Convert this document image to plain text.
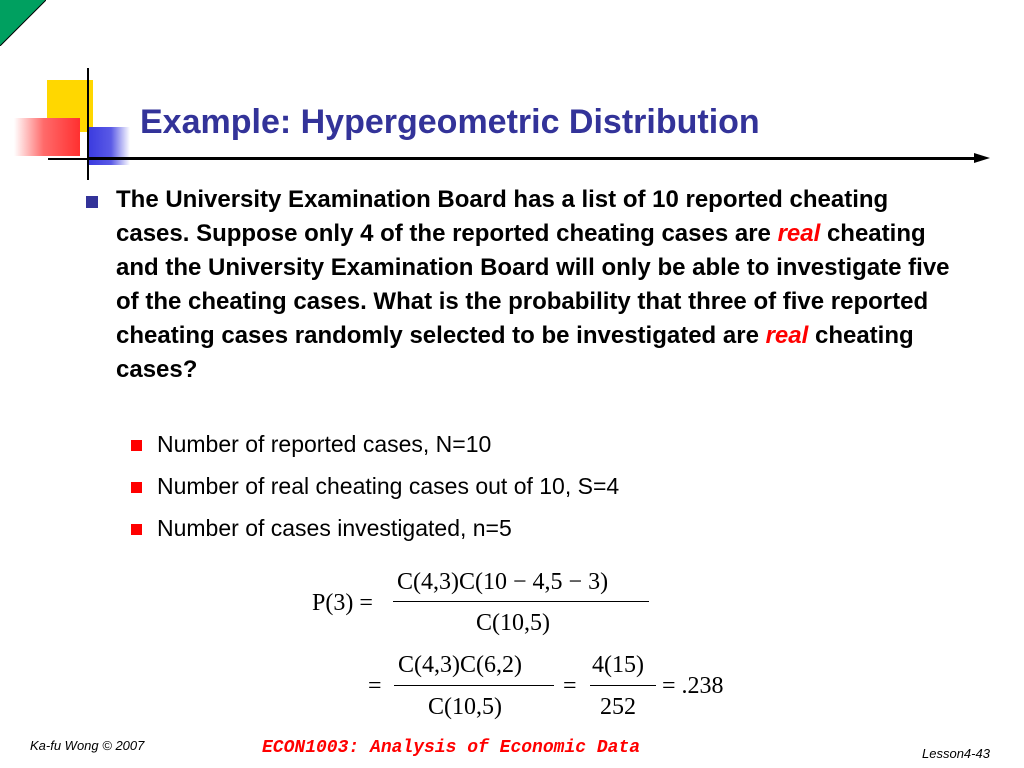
Example: Hypergeometric Distribution
The University Examination Board has a list of 10 reported cheating cases. Suppose only 4 of the reported cheating cases are real cheating and the University Examination Board will only be able to investigate five of the cheating cases. What is the probability that three of five reported cheating cases randomly selected to be investigated are real cheating cases?
Number of reported cases, N=10
Number of real cheating cases out of 10, S=4
Number of cases investigated, n=5
P(3) =
C(4,3)C(10 − 4,5 − 3)
C(10,5)
=
C(4,3)C(6,2)
C(10,5)
=
4(15)
252
= .238
Ka-fu Wong © 2007	ECON1003: Analysis of Economic Data	Lesson4-43
